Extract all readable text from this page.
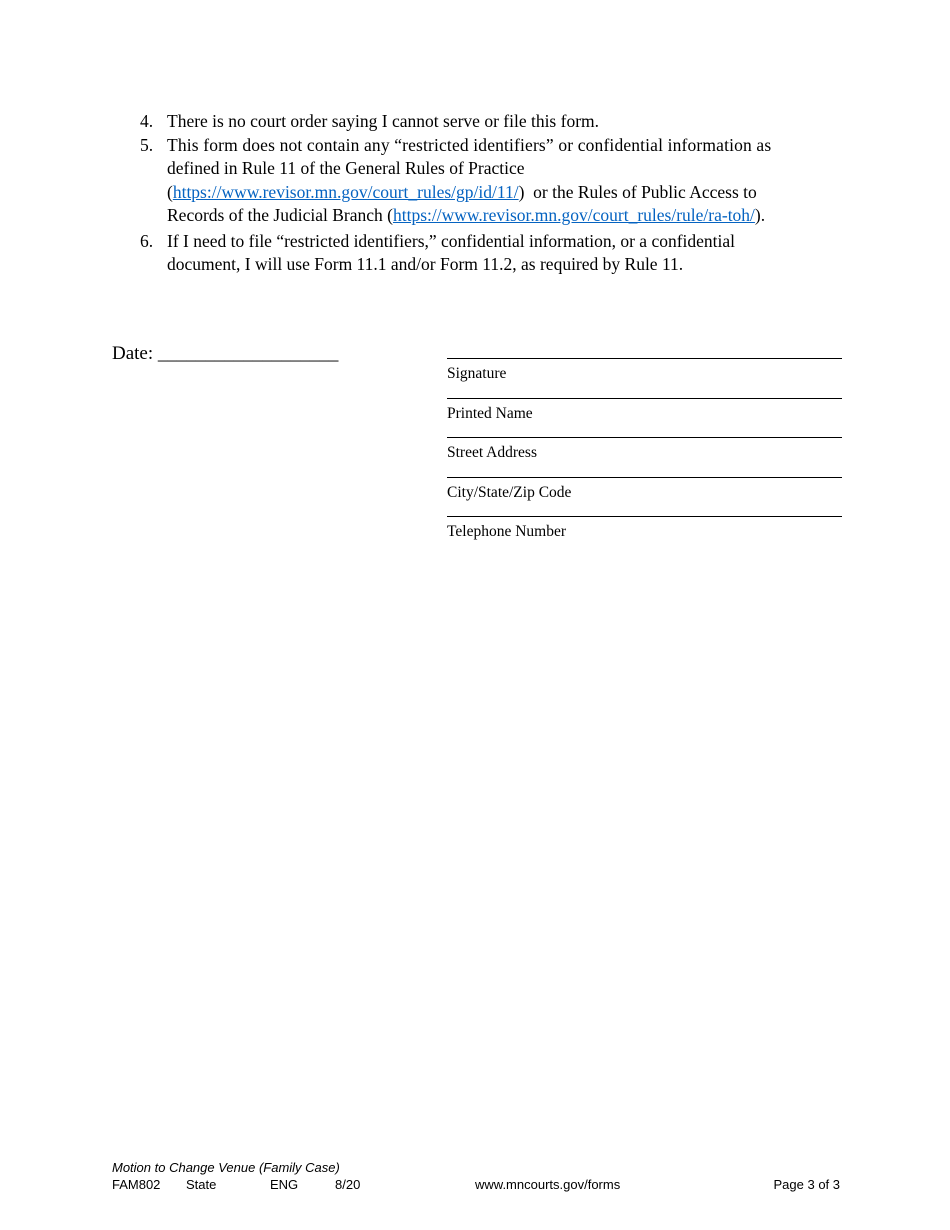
4. There is no court order saying I cannot serve or file this form.
5. This form does not contain any “restricted identifiers” or confidential information as
defined in Rule 11 of the General Rules of Practice
(https://www.revisor.mn.gov/court_rules/gp/id/11/)  or the Rules of Public Access to
Records of the Judicial Branch (https://www.revisor.mn.gov/court_rules/rule/ra-toh/).
6. If I need to file “restricted identifiers,” confidential information, or a confidential
document, I will use Form 11.1 and/or Form 11.2, as required by Rule 11.
Date: ___________________
Signature
Printed Name
Street Address
City/State/Zip Code
Telephone Number
Motion to Change Venue (Family Case)
FAM802 State	ENG	8/20	www.mncourts.gov/forms	Page 3 of 3
